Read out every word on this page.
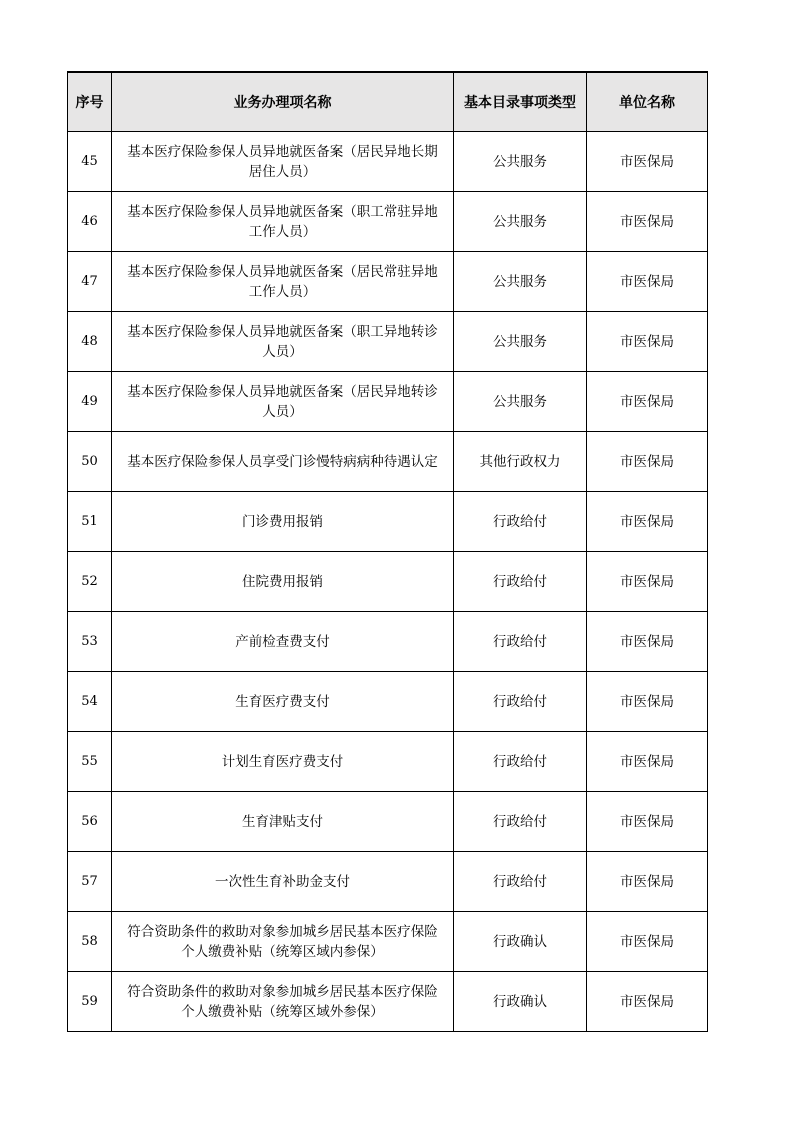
序号	业务办理项名称	基本目录事项类型	单位名称
45	基本医疗保险参保人员异地就医备案（居民异地长期居住人员）	公共服务	市医保局
46	基本医疗保险参保人员异地就医备案（职工常驻异地工作人员）	公共服务	市医保局
47	基本医疗保险参保人员异地就医备案（居民常驻异地工作人员）	公共服务	市医保局
48	基本医疗保险参保人员异地就医备案（职工异地转诊人员）	公共服务	市医保局
49	基本医疗保险参保人员异地就医备案（居民异地转诊人员）	公共服务	市医保局
50	基本医疗保险参保人员享受门诊慢特病病种待遇认定	其他行政权力	市医保局
51	门诊费用报销	行政给付	市医保局
52	住院费用报销	行政给付	市医保局
53	产前检查费支付	行政给付	市医保局
54	生育医疗费支付	行政给付	市医保局
55	计划生育医疗费支付	行政给付	市医保局
56	生育津贴支付	行政给付	市医保局
57	一次性生育补助金支付	行政给付	市医保局
58	符合资助条件的救助对象参加城乡居民基本医疗保险个人缴费补贴（统筹区域内参保）	行政确认	市医保局
59	符合资助条件的救助对象参加城乡居民基本医疗保险个人缴费补贴（统筹区域外参保）	行政确认	市医保局
